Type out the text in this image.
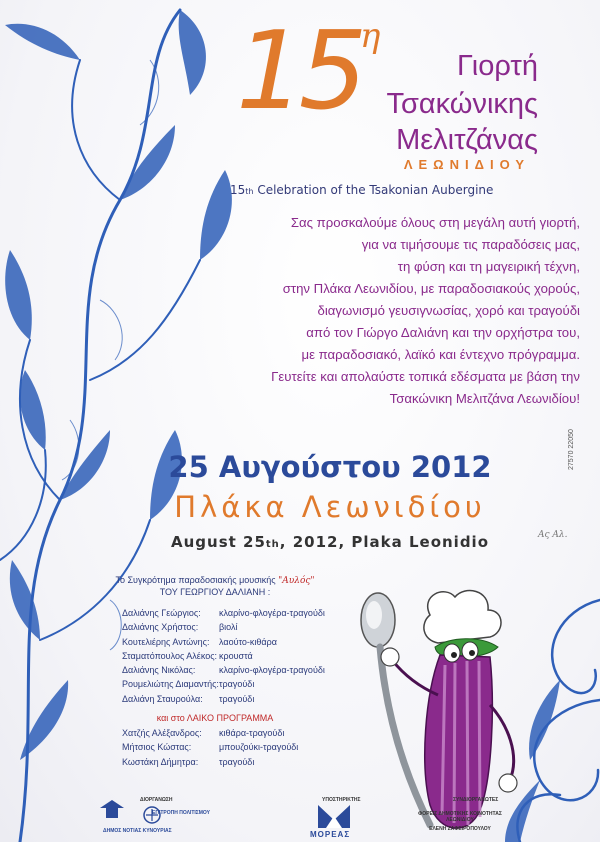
15
η
Γιορτή
Τσακώνικης
Μελιτζάνας
ΛΕΩΝΙΔΙΟΥ
15th Celebration of the Tsakonian Aubergine
Σας προσκαλούμε όλους στη μεγάλη αυτή γιορτή,
για να τιμήσουμε τις παραδόσεις μας,
τη φύση και τη μαγειρική τέχνη,
στην Πλάκα Λεωνιδίου, με παραδοσιακούς χορούς,
διαγωνισμό γευσιγνωσίας, χορό και τραγούδι
από τον Γιώργο Δαλιάνη και την ορχήστρα του,
με παραδοσιακό, λαϊκό και έντεχνο πρόγραμμα.
Γευτείτε και απολαύστε τοπικά εδέσματα με βάση την
Τσακώνικη Μελιτζάνα Λεωνιδίου!
25 Αυγούστου 2012
Πλάκα Λεωνιδίου
August 25th, 2012, Plaka Leonidio
Το Συγκρότημα παραδοσιακής μουσικής "Αυλός"
ΤΟΥ ΓΕΩΡΓΙΟΥ ΔΑΛΙΑΝΗ :
Δαλιάνης Γεώργιος: κλαρίνο-φλογέρα-τραγούδι
Δαλιάνης Χρήστος: βιολί
Κουτελιέρης Αντώνης: λαούτο-κιθάρα
Σταματόπουλος Αλέκος: κρουστά
Δαλιάνης Νικόλας:	κλαρίνο-φλογέρα-τραγούδι
Ρουμελιώτης Διαμαντής: τραγούδι
Δαλιάνη Σταυρούλα: τραγούδι
και στο ΛΑΙΚΟ ΠΡΟΓΡΑΜΜΑ
Χατζής Αλέξανδρος: κιθάρα-τραγούδι
Μήτσιος Κώστας:	μπουζούκι-τραγούδι
Κωστάκη Δήμητρα: τραγούδι
27570 22050
Ας Αλ.
ΔΙΟΡΓΑΝΩΣΗ	ΥΠΟΣΤΗΡΙΚΤΗΣ	ΣΥΝΔΙΟΡΓΑΝΩΤΕΣ
ΔΗΜΟΣ ΝΟΤΙΑΣ ΚΥΝΟΥΡΙΑΣ
ΕΠΙΤΡΟΠΗ ΠΟΛΙΤΙΣΜΟΥ
ΜΟΡΕΑΣ
ΦΟΡΕΙΣ ΔΗΜΟΤΙΚΗΣ ΚΟΙΝΟΤΗΤΑΣ ΛΕΩΝΙΔΙΟΥ
ΕΛΕΝΗ ΖΑΦΕΙΡΟΠΟΥΛΟΥ
